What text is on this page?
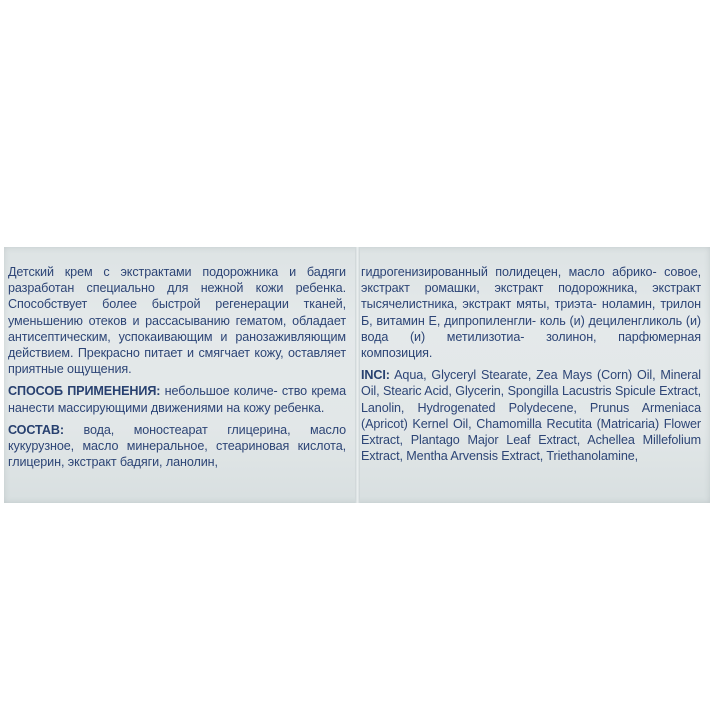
Детский крем с экстрактами подорожника и бадяги разработан специально для нежной кожи ребенка. Способствует более быстрой регенерации тканей, уменьшению отеков и рассасыванию гематом, обладает антисептическим, успокаивающим и ранозаживляющим действием. Прекрасно питает и смягчает кожу, оставляет приятные ощущения.
СПОСОБ ПРИМЕНЕНИЯ: небольшое количе- ство крема нанести массирующими движениями на кожу ребенка.
СОСТАВ: вода, моностеарат глицерина, масло кукурузное, масло минеральное, стеариновая кислота, глицерин, экстракт бадяги, ланолин,
гидрогенизированный полидецен, масло абрико- совое, экстракт ромашки, экстракт подорожника, экстракт тысячелистника, экстракт мяты, триэта- ноламин, трилон Б, витамин Е, дипропиленгли- коль (и) дециленгликоль (и) вода (и) метилизотиа- золинон, парфюмерная композиция.
INCI: Aqua, Glyceryl Stearate, Zea Mays (Corn) Oil, Mineral Oil, Stearic Acid, Glycerin, Spongilla Lacustris Spicule Extract, Lanolin, Hydrogenated Polydecene, Prunus Armeniaca (Apricot) Kernel Oil, Chamomilla Recutita (Matricaria) Flower Extract, Plantago Major Leaf Extract, Achellea Millefolium Extract, Mentha Arvensis Extract, Triethanolamine,
